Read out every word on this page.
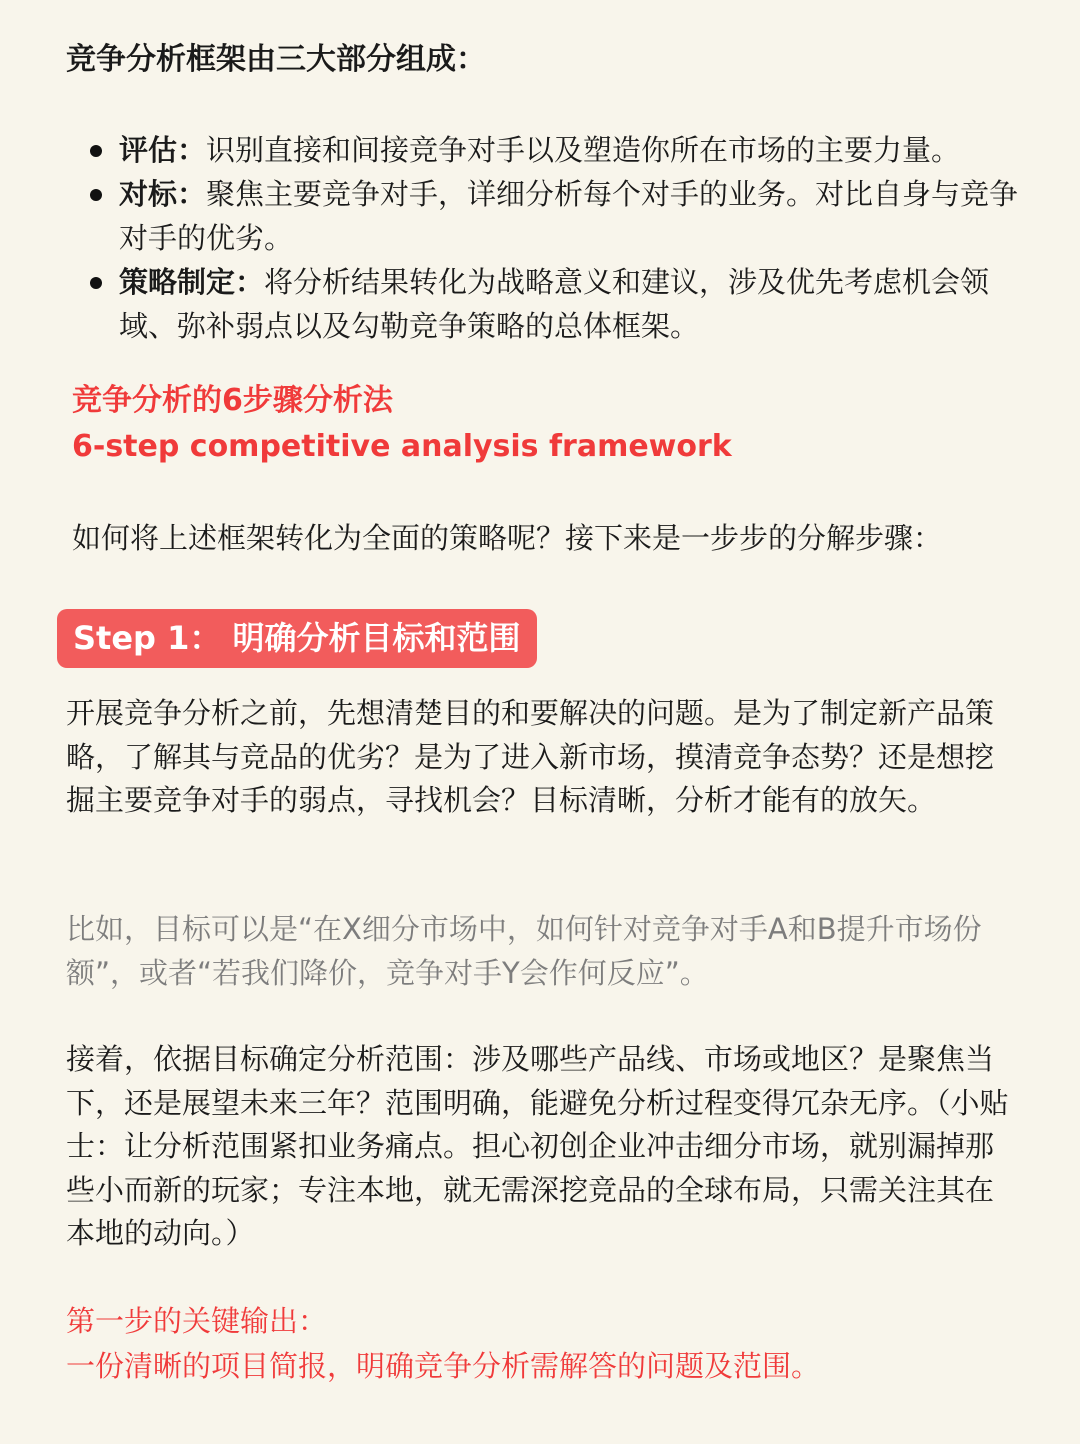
竞争分析框架由三大部分组成：
评估：识别直接和间接竞争对手以及塑造你所在市场的主要力量。
对标：聚焦主要竞争对手，详细分析每个对手的业务。对比自身与竞争对手的优劣。
策略制定：将分析结果转化为战略意义和建议，涉及优先考虑机会领域、弥补弱点以及勾勒竞争策略的总体框架。
竞争分析的6步骤分析法
6-step competitive analysis framework
如何将上述框架转化为全面的策略呢？接下来是一步步的分解步骤：
Step 1： 明确分析目标和范围
开展竞争分析之前，先想清楚目的和要解决的问题。是为了制定新产品策略，了解其与竞品的优劣？是为了进入新市场，摸清竞争态势？还是想挖掘主要竞争对手的弱点，寻找机会？目标清晰，分析才能有的放矢。
比如，目标可以是“在X细分市场中，如何针对竞争对手A和B提升市场份额”，或者“若我们降价，竞争对手Y会作何反应”。
接着，依据目标确定分析范围：涉及哪些产品线、市场或地区？是聚焦当下，还是展望未来三年？范围明确，能避免分析过程变得冗杂无序。（小贴士：让分析范围紧扣业务痛点。担心初创企业冲击细分市场，就别漏掉那些小而新的玩家；专注本地，就无需深挖竞品的全球布局，只需关注其在本地的动向。）
第一步的关键输出：
一份清晰的项目简报，明确竞争分析需解答的问题及范围。
